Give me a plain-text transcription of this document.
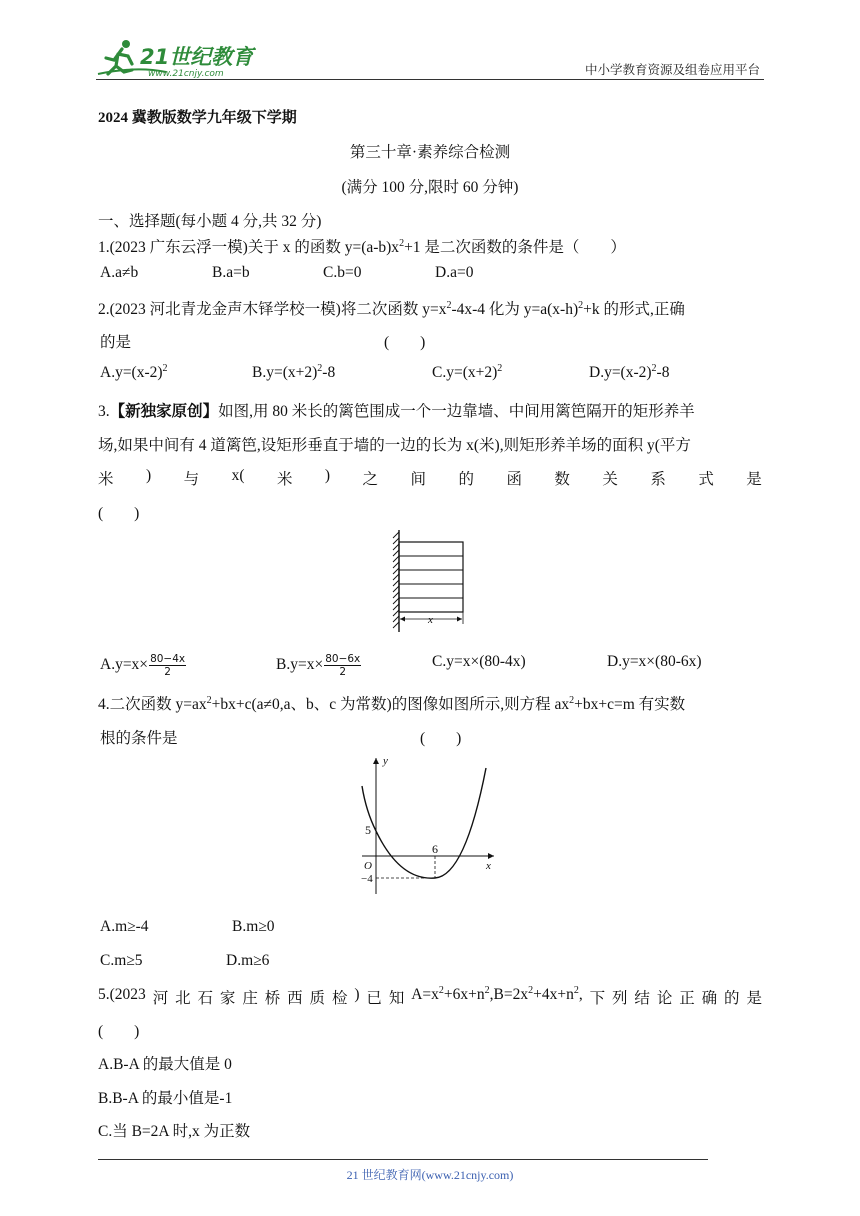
21世纪教育
www.21cnjy.com	中小学教育资源及组卷应用平台
2024 冀教版数学九年级下学期
第三十章·素养综合检测
(满分 100 分,限时 60 分钟)
一、选择题(每小题 4 分,共 32 分)
1.(2023 广东云浮一模)关于 x 的函数 $y=(a-b)x^2+1$ 是二次函数的条件是（　　）
A.a≠b	B.a=b	C.b=0	D.a=0
2.(2023 河北青龙金声木铎学校一模)将二次函数 $y=x^2-4x-4$ 化为 $y=a(x-h)^2+k$ 的形式,正确
的是	(　　)
$A.y=(x-2)^2$	$B.y=(x+2)^2-8$	$C.y=(x+2)^2$	$D.y=(x-2)^2-8$
3.【新独家原创】如图,用 80 米长的篱笆围成一个一边靠墙、中间用篱笆隔开的矩形养羊
场,如果中间有 4 道篱笆,设矩形垂直于墙的一边的长为 x(米),则矩形养羊场的面积 y(平方
米 ) 与 x( 米 ) 之 间 的 函 数 关 系 式 是
(　　)
x
$A.y=x\times \frac{80-4x}{2}$	$B.y=x\times \frac{80-6x}{2}$	C.y=x×(80-4x)	D.y=x×(80-6x)
4.二次函数 $y=ax^2+bx+c(a\ne 0,a$、b、c 为常数)的图像如图所示,则方程 $ax^2+bx+c=m$ 有实数
根的条件是	(　　)
y
x
O
5
6
−4
A.m≥-4	B.m≥0
C.m≥5	D.m≥6
5.(2023 河 北 石 家 庄 桥 西 质 检 ) 已 知 $A=x^2+6x+n^2,B=2x^2+4x+n^2$, 下 列 结 论 正 确 的 是
(　　)
A.B-A 的最大值是 0
B.B-A 的最小值是-1
C.当 B=2A 时,x 为正数
21 世纪教育网(www.21cnjy.com)
